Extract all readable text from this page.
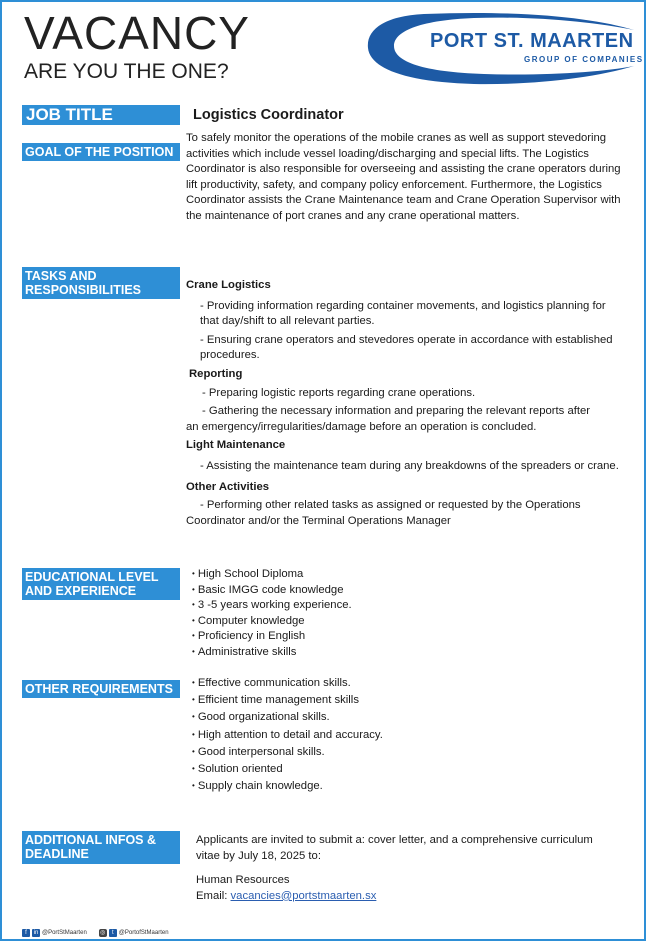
VACANCY
ARE YOU THE ONE?
PORT ST. MAARTEN
GROUP OF COMPANIES
JOB TITLE	Logistics Coordinator
GOAL OF THE POSITION

To safely monitor the operations of the mobile cranes as well as support stevedoring activities which include vessel loading/discharging and special lifts. The Logistics Coordinator is also responsible for overseeing and assisting the crane operators during lift productivity, safety, and company policy enforcement. Furthermore, the Logistics Coordinator assists the Crane Maintenance team and Crane Operation Supervisor with the maintenance of port cranes and any crane operational matters.

TASKS AND RESPONSIBILITIES	Crane Logistics

- Providing information regarding container movements, and logistics planning for that day/shift to all relevant parties.

- Ensuring crane operators and stevedores operate in accordance with established procedures.

Reporting

- Preparing logistic reports regarding crane operations.

- Gathering the necessary information and preparing the relevant reports after

an emergency/irregularities/damage before an operation is concluded.

Light Maintenance

- Assisting the maintenance team during any breakdowns of the spreaders or crane.

Other Activities

- Performing other related tasks as assigned or requested by the Operations

Coordinator and/or the Terminal Operations Manager

EDUCATIONAL LEVEL AND EXPERIENCE
• High School Diploma
• Basic IMGG code knowledge
• 3 -5 years working experience.
• Computer knowledge
• Proficiency in English
• Administrative skills
OTHER REQUIREMENTS
•	Effective communication skills.
• Efficient time management skills
• Good organizational skills.
• High attention to detail and accuracy.
• Good interpersonal skills.
• Solution oriented
• Supply chain knowledge.
ADDITIONAL INFOS & DEADLINE

Applicants are invited to submit a: cover letter, and a comprehensive curriculum vitae by July 18, 2025 to:

Human Resources

Email: vacancies@portstmaarten.sx

f	in @PortStMaarten ◎	t @PortofStMaarten
